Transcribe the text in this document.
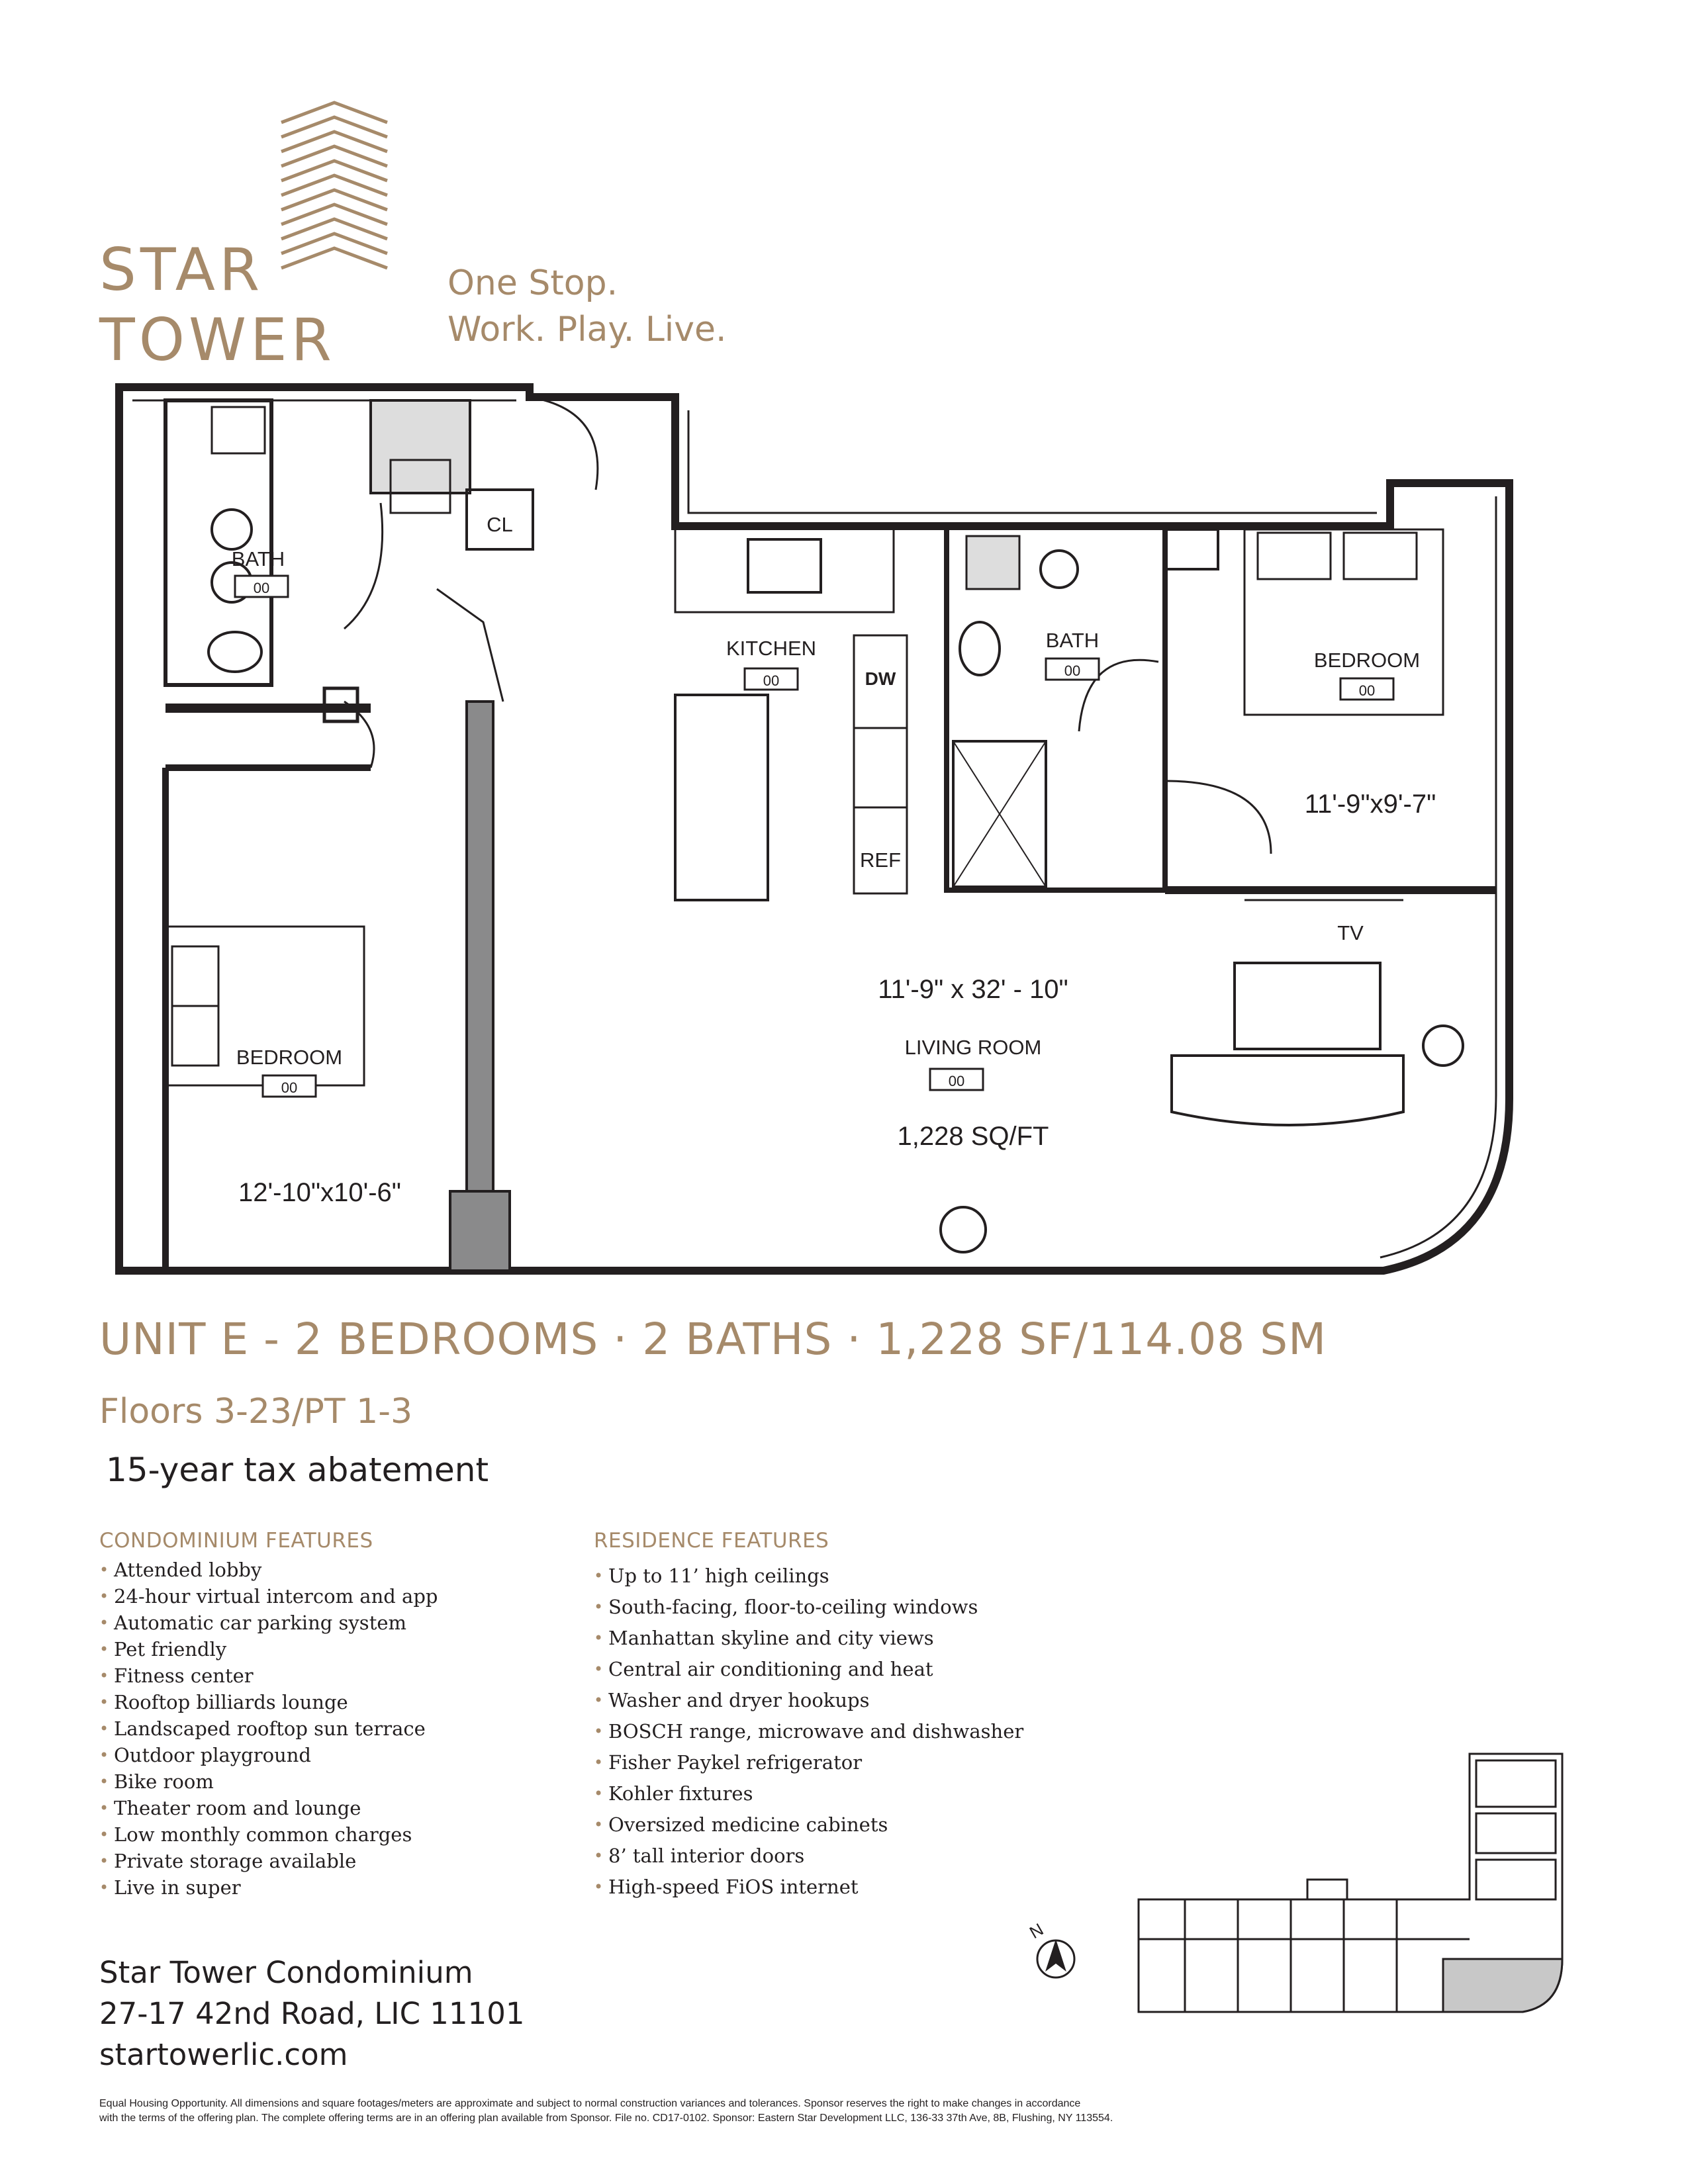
STAR
TOWER
One Stop.
Work. Play. Live.
BATH
00
CL
KITCHEN
00	DW
REF
BATH
00	BEDROOM
00
11'-9"x9'-7"
TV
11'-9" x 32' - 10"
LIVING ROOM
00
1,228 SQ/FT
BEDROOM
00
12'-10"x10'-6"
UNIT E - 2 BEDROOMS · 2 BATHS · 1,228 SF/114.08 SM
Floors 3-23/PT 1-3
15-year tax abatement
CONDOMINIUM FEATURES
• Attended lobby
• 24-hour virtual intercom and app
• Automatic car parking system
• Pet friendly
• Fitness center
• Rooftop billiards lounge
• Landscaped rooftop sun terrace
• Outdoor playground
• Bike room
• Theater room and lounge
• Low monthly common charges
• Private storage available
• Live in super
RESIDENCE FEATURES
• Up to 11’ high ceilings
• South-facing, floor-to-ceiling windows
• Manhattan skyline and city views
• Central air conditioning and heat
• Washer and dryer hookups
• BOSCH range, microwave and dishwasher
• Fisher Paykel refrigerator
• Kohler fixtures
• Oversized medicine cabinets
• 8’ tall interior doors
• High-speed FiOS internet
N
Star Tower Condominium
27-17 42nd Road, LIC 11101
startowerlic.com
Equal Housing Opportunity. All dimensions and square footages/meters are approximate and subject to normal construction variances and tolerances. Sponsor reserves the right to make changes in accordance
with the terms of the offering plan. The complete offering terms are in an offering plan available from Sponsor. File no. CD17-0102. Sponsor: Eastern Star Development LLC, 136-33 37th Ave, 8B, Flushing, NY 113554.
